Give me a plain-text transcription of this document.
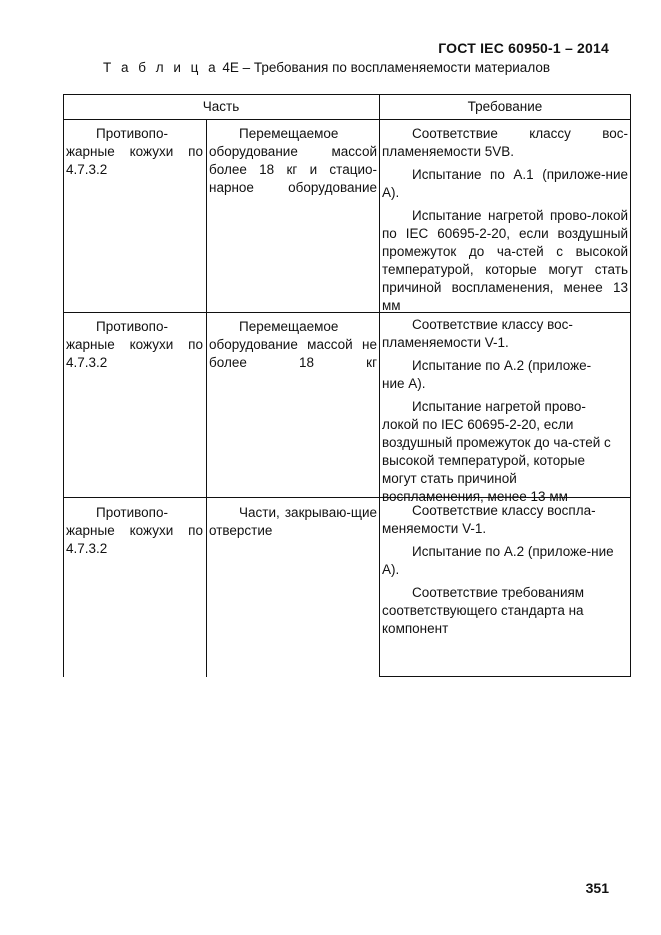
ГОСТ IEC 60950-1 – 2014
Т а б л и ц а 4Е – Требования по воспламеняемости материалов
Часть	Требование

Противопо-жарные кожухи по 4.7.3.2

Перемещаемое оборудование массой более 18 кг и стацио-нарное оборудование

Соответствие классу вос-пламеняемости 5VB.

Испытание по А.1 (приложе-ние А).

Испытание нагретой прово-локой по IEC 60695-2-20, если воздушный промежуток до ча-стей с высокой температурой, которые могут стать причиной воспламенения, менее 13 мм

Противопо-жарные кожухи по 4.7.3.2

Перемещаемое оборудование массой не более 18 кг

Соответствие классу вос-пламеняемости V-1.

Испытание по А.2 (приложе-ние А).

Испытание нагретой прово-локой по IEC 60695-2-20, если воздушный промежуток до ча-стей с высокой температурой, которые могут стать причиной воспламенения, менее 13 мм

Противопо-жарные кожухи по 4.7.3.2

Части, закрываю-щие отверстие

Соответствие классу воспла-меняемости V-1.

Испытание по А.2 (приложе-ние А).

Соответствие требованиям соответствующего стандарта на компонент

351
